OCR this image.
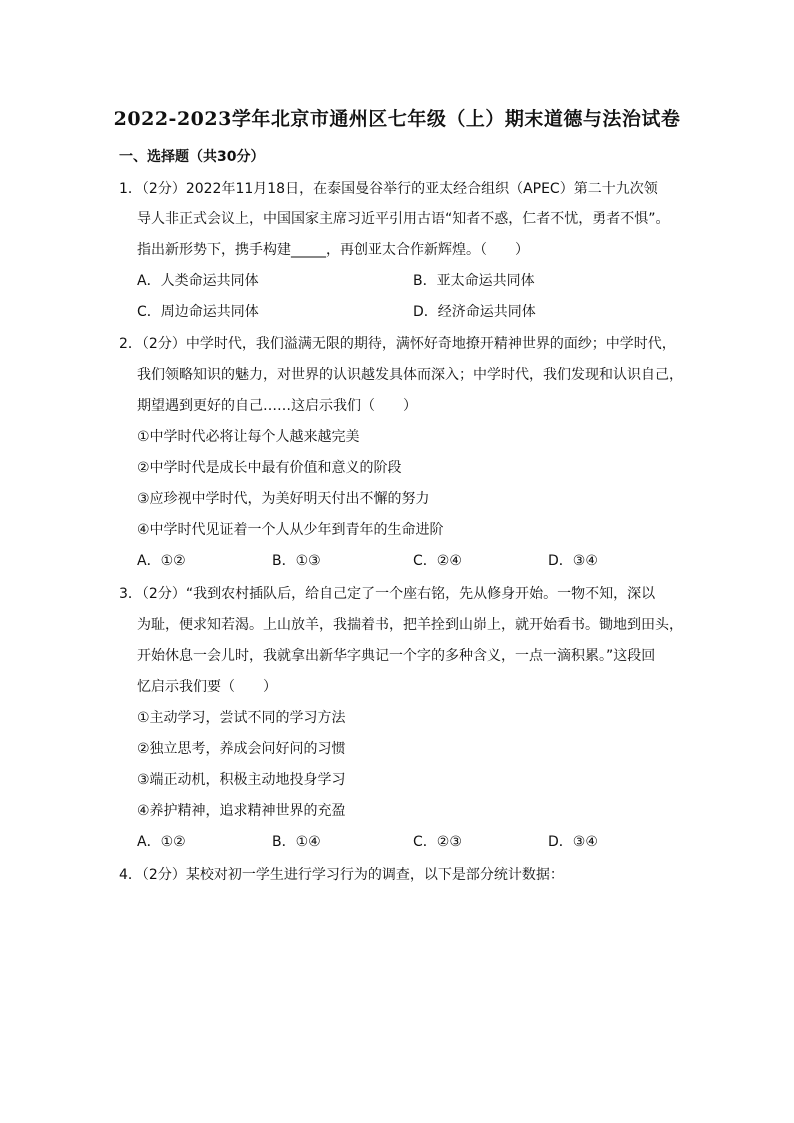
2022-2023学年北京市通州区七年级（上）期末道德与法治试卷
一、选择题（共30分）
1．（2分）2022年11月18日，在泰国曼谷举行的亚太经合组织（APEC）第二十九次领
导人非正式会议上，中国国家主席习近平引用古语“知者不惑，仁者不忧，勇者不惧”。
指出新形势下，携手构建_____，再创亚太合作新辉煌。（　　）
A．人类命运共同体	B．亚太命运共同体
C．周边命运共同体	D．经济命运共同体
2．（2分）中学时代，我们溢满无限的期待，满怀好奇地撩开精神世界的面纱；中学时代，
我们领略知识的魅力，对世界的认识越发具体而深入；中学时代，我们发现和认识自己，
期望遇到更好的自己……这启示我们（　　）
①中学时代必将让每个人越来越完美
②中学时代是成长中最有价值和意义的阶段
③应珍视中学时代，为美好明天付出不懈的努力
④中学时代见证着一个人从少年到青年的生命进阶
A．①②	B．①③	C．②④	D．③④
3．（2分）“我到农村插队后，给自己定了一个座右铭，先从修身开始。一物不知，深以
为耻，便求知若渴。上山放羊，我揣着书，把羊拴到山峁上，就开始看书。锄地到田头，
开始休息一会儿时，我就拿出新华字典记一个字的多种含义，一点一滴积累。”这段回
忆启示我们要（　　）
①主动学习，尝试不同的学习方法
②独立思考，养成会问好问的习惯
③端正动机，积极主动地投身学习
④养护精神，追求精神世界的充盈
A．①②	B．①④	C．②③	D．③④
4．（2分）某校对初一学生进行学习行为的调查，以下是部分统计数据：
